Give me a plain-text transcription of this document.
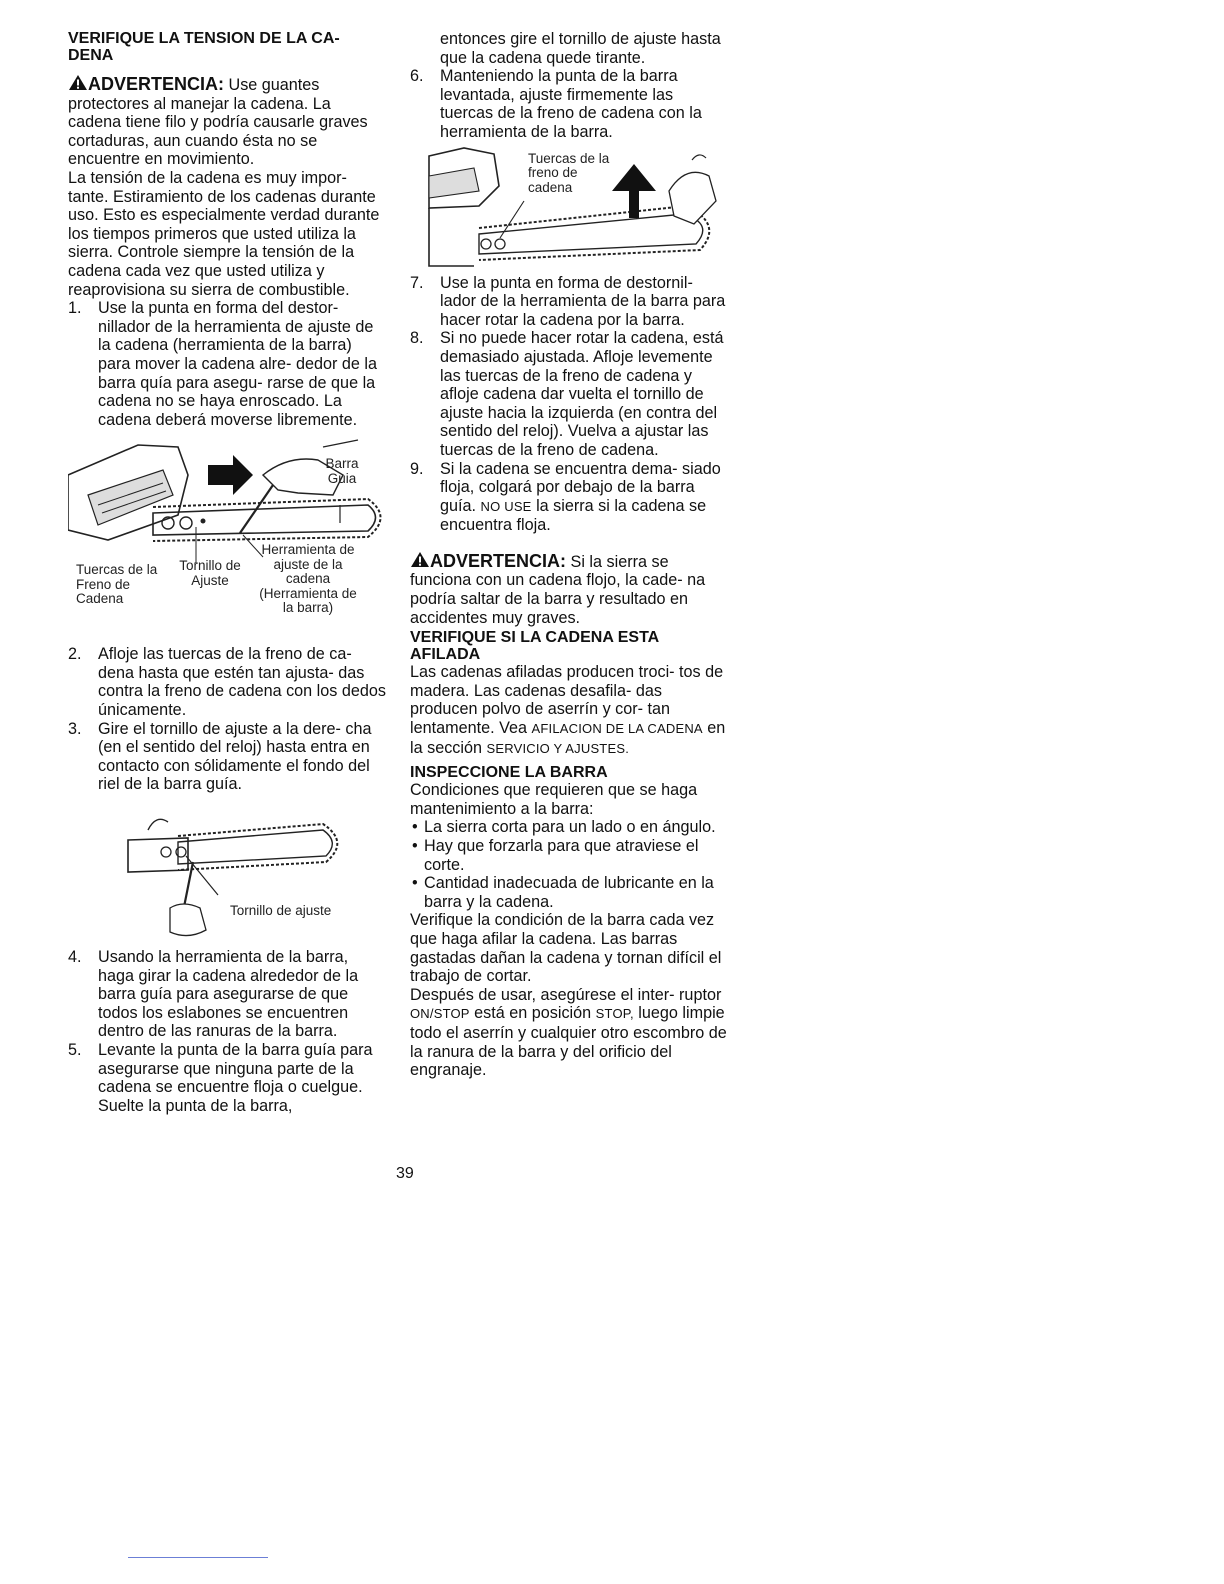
VERIFIQUE LA TENSION DE LA CA- DENA

ADVERTENCIA: Use guantes protectores al manejar la cadena. La cadena tiene filo y podría causarle graves cortaduras, aun cuando ésta no se encuentre en movimiento.

La tensión de la cadena es muy impor- tante. Estiramiento de los cadenas durante uso. Esto es especialmente verdad durante los tiempos primeros que usted utiliza la sierra. Controle siempre la tensión de la cadena cada vez que usted utiliza y reaprovisiona su sierra de combustible.

1. Use la punta en forma del destor- nillador de la herramienta de ajuste de la cadena (herramienta de la barra) para mover la cadena alre- dedor de la barra quía para asegu- rarse de que la cadena no se haya enroscado. La cadena deberá moverse libremente.
Barra Guia
Tuercas de la Freno de Cadena
Tornillo de Ajuste
Herramienta de ajuste de la cadena (Herramienta de la barra)
2. Afloje las tuercas de la freno de ca- dena hasta que estén tan ajusta- das contra la freno de cadena con los dedos únicamente.
3. Gire el tornillo de ajuste a la dere- cha (en el sentido del reloj) hasta entra en contacto con sólidamente el fondo del riel de la barra guía.
Tornillo de ajuste
4. Usando la herramienta de la barra, haga girar la cadena alrededor de la barra guía para asegurarse de que todos los eslabones se encuentren dentro de las ranuras de la barra.
5. Levante la punta de la barra guía para asegurarse que ninguna parte de la cadena se encuentre floja o cuelgue. Suelte la punta de la barra,

entonces gire el tornillo de ajuste hasta que la cadena quede tirante.

6. Manteniendo la punta de la barra levantada, ajuste firmemente las tuercas de la freno de cadena con la herramienta de la barra.
Tuercas de la freno de cadena
7. Use la punta en forma de destornil- lador de la herramienta de la barra para hacer rotar la cadena por la barra.
8. Si no puede hacer rotar la cadena, está demasiado ajustada. Afloje levemente las tuercas de la freno de cadena y afloje cadena dar vuelta el tornillo de ajuste hacia la izquierda (en contra del sentido del reloj). Vuelva a ajustar las tuercas de la freno de cadena.
9. Si la cadena se encuentra dema- siado floja, colgará por debajo de la barra guía. NO USE la sierra si la cadena se encuentra floja.

ADVERTENCIA: Si la sierra se funciona con un cadena flojo, la cade- na podría saltar de la barra y resultado en accidentes muy graves.

VERIFIQUE SI LA CADENA ESTA AFILADA

Las cadenas afiladas producen troci- tos de madera. Las cadenas desafila- das producen polvo de aserrín y cor- tan lentamente. Vea AFILACION DE LA CADENA en la sección SERVICIO Y AJUSTES.

INSPECCIONE LA BARRA

Condiciones que requieren que se haga mantenimiento a la barra:

• La sierra corta para un lado o en ángulo.
• Hay que forzarla para que atraviese el corte.
• Cantidad inadecuada de lubricante en la barra y la cadena.

Verifique la condición de la barra cada vez que haga afilar la cadena. Las barras gastadas dañan la cadena y tornan difícil el trabajo de cortar.

Después de usar, asegúrese el inter- ruptor ON/STOP está en posición STOP, luego limpie todo el aserrín y cualquier otro escombro de la ranura de la barra y del orificio del engranaje.

39
